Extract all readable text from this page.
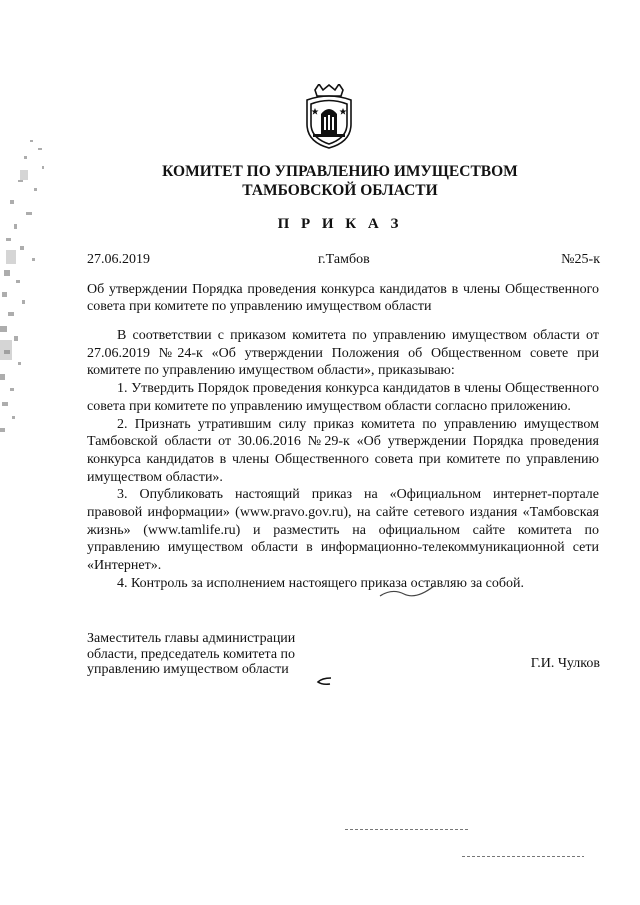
КОМИТЕТ ПО УПРАВЛЕНИЮ ИМУЩЕСТВОМ
ТАМБОВСКОЙ ОБЛАСТИ
П Р И К А З
27.06.2019	г.Тамбов	№25-к
Об утверждении Порядка проведения конкурса кандидатов в члены Общественного совета при комитете по управлению имуществом области

В соответствии с приказом комитета по управлению имуществом области от 27.06.2019 №24-к «Об утверждении Положения об Общественном совете при комитете по управлению имуществом области», приказываю:

1. Утвердить Порядок проведения конкурса кандидатов в члены Общественного совета при комитете по управлению имуществом области согласно приложению.

2. Признать утратившим силу приказ комитета по управлению имуществом Тамбовской области от 30.06.2016 №29-к «Об утверждении Порядка проведения конкурса кандидатов в члены Общественного совета при комитете по управлению имуществом области».

3. Опубликовать настоящий приказ на «Официальном интернет-портале правовой информации» (www.pravo.gov.ru), на сайте сетевого издания «Тамбовская жизнь» (www.tamlife.ru) и разместить на официальном сайте комитета по управлению имуществом области в информационно-телекоммуникационной сети «Интернет».

4. Контроль за исполнением настоящего приказа оставляю за собой.

Заместитель главы администрации
области, председатель комитета по
управлению имуществом области	Г.И. Чулков
